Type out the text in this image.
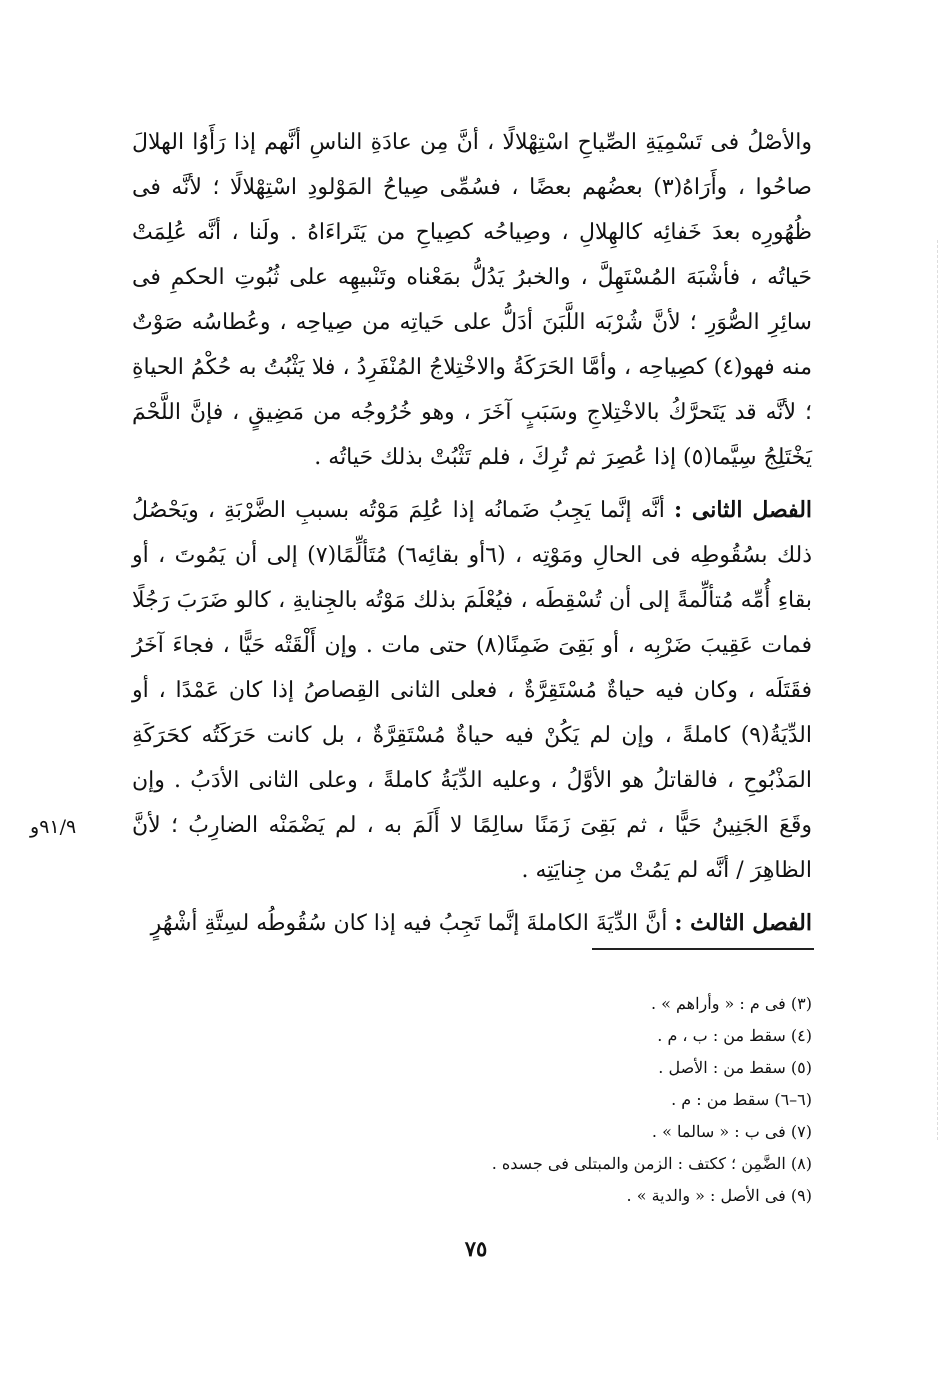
والأصْلُ فى تَسْمِيَةِ الصِّياحِ اسْتِهْلالًا ، أنَّ مِن عادَةِ الناسِ أنَّهم إذا رَأَوُا الهلالَ صاحُوا ، وأَرَاهُ(٣) بعضُهم بعضًا ، فسُمِّى صِياحُ المَوْلودِ اسْتِهْلالًا ؛ لأنَّه فى ظُهُورِه بعدَ خَفائِه كالهِلالِ ، وصِياحُه كصِياحِ من يَتَراءَاهُ . ولَنا ، أنَّه عُلِمَتْ حَياتُه ، فأشْبَهَ المُسْتَهِلَّ ، والخبرُ يَدُلُّ بمَعْناه وتَنْبيهِه على ثُبُوتِ الحكمِ فى سائِرِ الصُّوَرِ ؛ لأنَّ شُرْبَه اللَّبَنَ أدَلُّ على حَياتِه من صِياحِه ، وعُطاسُه صَوْتٌ منه فهو(٤) كصِياحِه ، وأمَّا الحَرَكَةُ والاخْتِلاجُ المُنْفَرِدُ ، فلا يَثْبُتُ به حُكْمُ الحياةِ ؛ لأنَّه قد يَتَحرَّكُ بالاخْتِلاجِ وسَبَبٍ آخَرَ ، وهو خُرُوجُه من مَضِيقٍ ، فإنَّ اللَّحْمَ يَخْتَلِجُ سِيَّما(٥) إذا عُصِرَ ثم تُرِكَ ، فلم تَثْبُتْ بذلك حَياتُه .

الفصل الثانى : أنَّه إنَّما يَجِبُ ضَمانُه إذا عُلِمَ مَوْتُه بسببِ الضَّرْبَةِ ، ويَحْصُلُ ذلك بسُقُوطِه فى الحالِ ومَوْتِه ، (٦أو بقائِه٦) مُتَألِّمًا(٧) إلى أن يَمُوتَ ، أو بقاءِ أُمِّه مُتألِّمةً إلى أن تُسْقِطَه ، فيُعْلَمَ بذلك مَوْتُه بالجِنايةِ ، كالو ضَرَبَ رَجُلًا فمات عَقِيبَ ضَرْبِه ، أو بَقِىَ ضَمِنًا(٨) حتى مات . وإن أَلْقَتْه حَيًّا ، فجاءَ آخَرُ فقَتَلَه ، وكان فيه حياةٌ مُسْتَقِرَّةٌ ، فعلى الثانى القِصاصُ إذا كان عَمْدًا ، أو الدِّيَةُ(٩) كاملةً ، وإن لم يَكُنْ فيه حياةٌ مُسْتَقِرَّةٌ ، بل كانت حَرَكَتُه كحَرَكَةِ المَذْبُوحِ ، فالقاتلُ هو الأوَّلُ ، وعليه الدِّيَةُ كاملةً ، وعلى الثانى الأدَبُ . وإن وقَعَ الجَنِينُ حَيًّا ، ثم بَقِىَ زَمَنًا سالِمًا لا أَلَمَ به ، لم يَضْمَنْه الضارِبُ ؛ لأنَّ الظاهِرَ / أنَّه لم يَمُتْ من جِنايَتِه .

الفصل الثالث : أنَّ الدِّيَةَ الكاملةَ إنَّما تَجِبُ فيه إذا كان سُقُوطُه لسِتَّةِ أشْهُرٍ

٩١/٩و
(٣) فى م : « وأراهم » .
(٤) سقط من : ب ، م .
(٥) سقط من : الأصل .
(٦–٦) سقط من : م .
(٧) فى ب : « سالما » .
(٨) الضَّمِن ؛ ككتف : الزمن والمبتلى فى جسده .
(٩) فى الأصل : « والدية » .
٧٥
